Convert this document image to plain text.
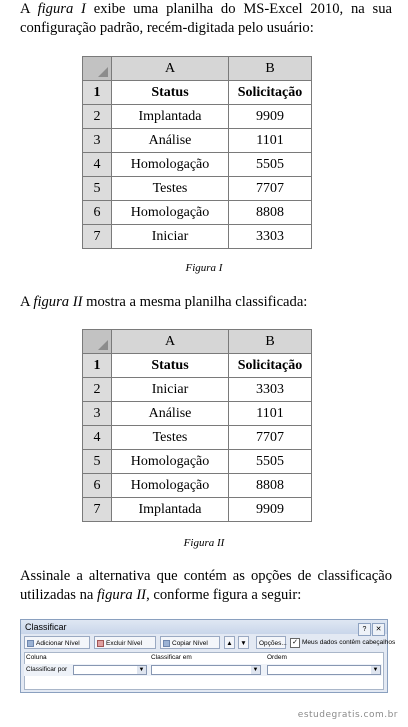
A figura I exibe uma planilha do MS-Excel 2010, na sua configuração padrão, recém-digitada pelo usuário:
	A	B
1	Status	Solicitação
2	Implantada	9909
3	Análise	1101
4	Homologação	5505
5	Testes	7707
6	Homologação	8808
7	Iniciar	3303
Figura I
A figura II mostra a mesma planilha classificada:
	A	B
1	Status	Solicitação
2	Iniciar	3303
3	Análise	1101
4	Testes	7707
5	Homologação	5505
6	Homologação	8808
7	Implantada	9909
Figura II
Assinale a alternativa que contém as opções de classificação utilizadas na figura II, conforme figura a seguir:
Classificar	? ✕
Adicionar Nível	Excluir Nível	Copiar Nível	▲	▼	Opções... ✓ Meus dados contêm cabeçalhos
Coluna	Classificar em	Ordem
Classificar por	▼	▼	▼
estudegratis.com.br
